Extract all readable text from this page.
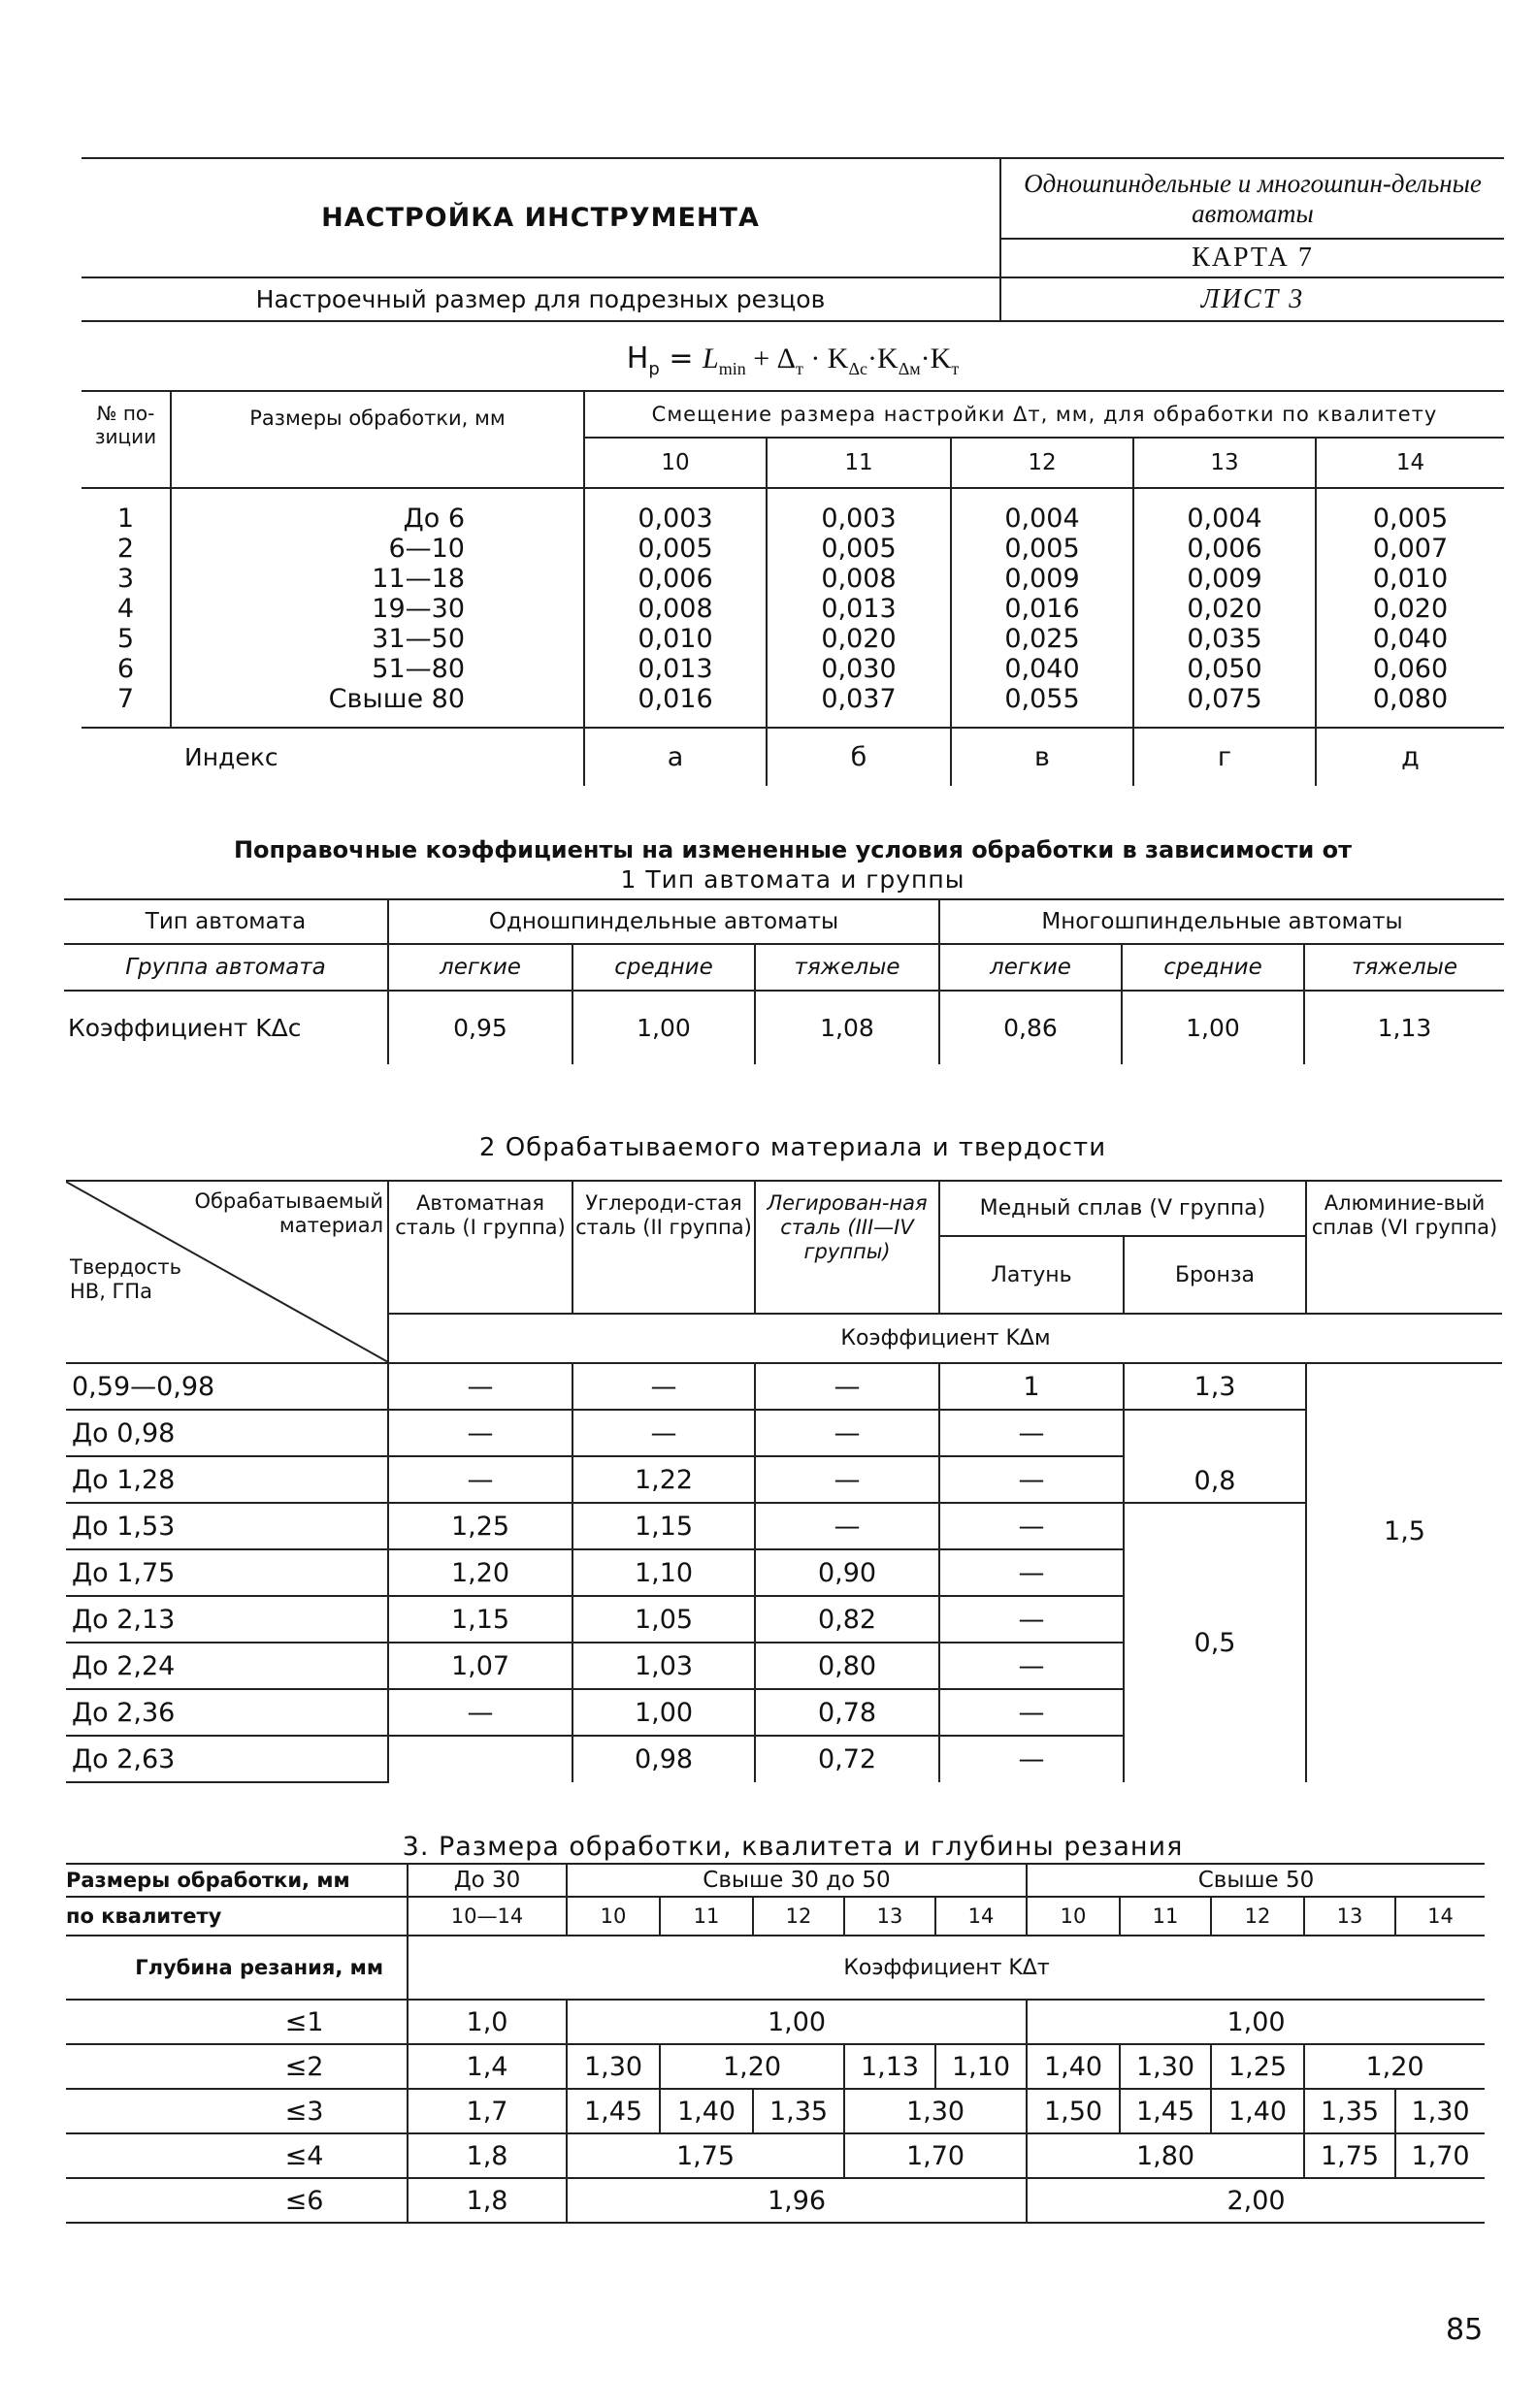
НАСТРОЙКА ИНСТРУМЕНТА	Одношпиндельные и многошпин-дельные автоматы
	КАРТА 7
Настроечный размер для подрезных резцов	ЛИСТ 3
$H_p = L_{min} + \Delta_т \cdot K_{\Delta c}\cdot K_{\Delta м}\cdot K_т$
№ по-зиции	Размеры обработки, мм	Смещение размера настройки Δт, мм, для обработки по квалитету				
		10	11	12	13	14

1	До 6	0,003	0,003	0,004	0,004	0,005
2	6—10	0,005	0,005	0,005	0,006	0,007
3	11—18	0,006	0,008	0,009	0,009	0,010
4	19—30	0,008	0,013	0,016	0,020	0,020
5	31—50	0,010	0,020	0,025	0,035	0,040
6	51—80	0,013	0,030	0,040	0,050	0,060
7	Свыше 80	0,016	0,037	0,055	0,075	0,080

	Индекс	а	б	в	г	д
Поправочные коэффициенты на измененные условия обработки в зависимости от
1 Тип автомата и группы
Тип автомата	Одношпиндельные автоматы			Многошпиндельные автоматы		
Группа автомата	легкие	средние	тяжелые	легкие	средние	тяжелые
Коэффициент KΔc	0,95	1,00	1,08	0,86	1,00	1,13
2 Обрабатываемого материала и твердости
Обрабатываемый материал
Твердость НВ, ГПа	Автоматная сталь (I группа)	Углероди-стая сталь (II группа)	Легирован-ная сталь (III—IV группы)	Медный сплав (V группа)		Алюминие-вый сплав (VI группа)
				Латунь	Бронза	
	Коэффициент KΔм					
0,59—0,98	—	—	—	1	1,3	
До 0,98	—	—	—	—	0,8	1,5
До 1,28	—	1,22	—	—		
До 1,53	1,25	1,15	—	—	0,5	
До 1,75	1,20	1,10	0,90	—		
До 2,13	1,15	1,05	0,82	—		
До 2,24	1,07	1,03	0,80	—		
До 2,36	—	1,00	0,78	—		
До 2,63		0,98	0,72	—		
3. Размера обработки, квалитета и глубины резания
Размеры обработки, мм	До 30	Свыше 30 до 50					Свыше 50				
по квалитету	10—14	10	11	12	13	14	10	11	12	13	14
Глубина резания, мм	Коэффициент KΔт										
≤1	1,0	1,00					1,00				
≤2	1,4	1,30	1,20		1,13	1,10	1,40	1,30	1,25	1,20	
≤3	1,7	1,45	1,40	1,35	1,30		1,50	1,45	1,40	1,35	1,30
≤4	1,8	1,75			1,70		1,80			1,75	1,70
≤6	1,8	1,96					2,00				
85
